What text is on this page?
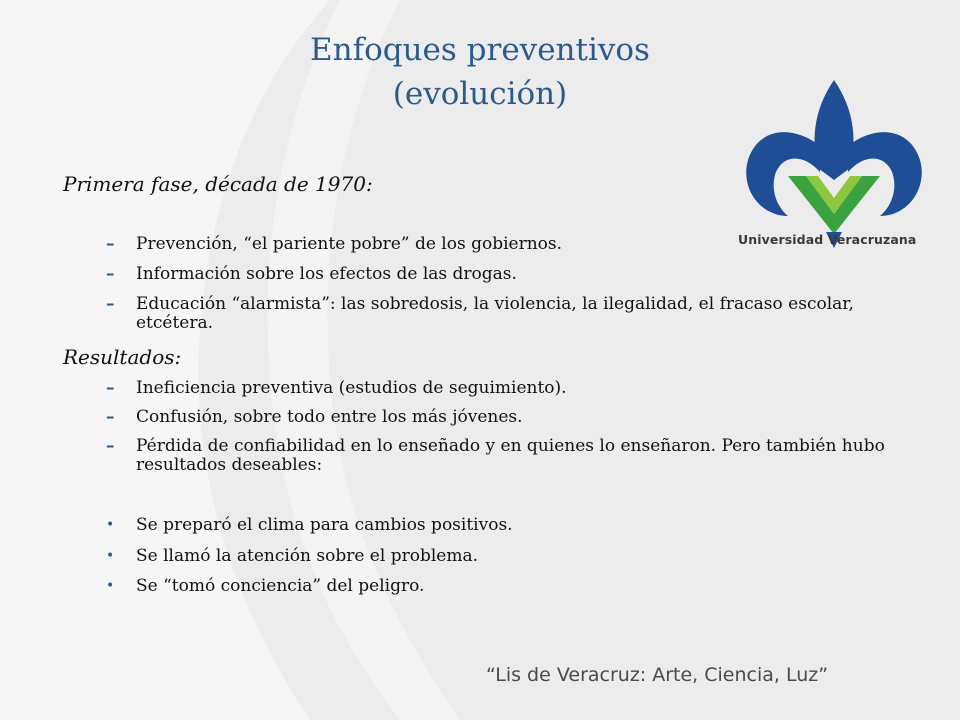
Enfoques preventivos
(evolución)
Universidad Veracruzana
Primera fase, década de 1970:
– Prevención, “el pariente pobre” de los gobiernos.
– Información sobre los efectos de las drogas.
– Educación “alarmista”: las sobredosis, la violencia, la ilegalidad, el fracaso escolar, etcétera.
Resultados:
– Ineficiencia preventiva (estudios de seguimiento).
– Confusión, sobre todo entre los más jóvenes.
– Pérdida de confiabilidad en lo enseñado y en quienes lo enseñaron. Pero también hubo resultados deseables:
• Se preparó el clima para cambios positivos.
• Se llamó la atención sobre el problema.
• Se “tomó conciencia” del peligro.
“Lis de Veracruz: Arte, Ciencia, Luz”
